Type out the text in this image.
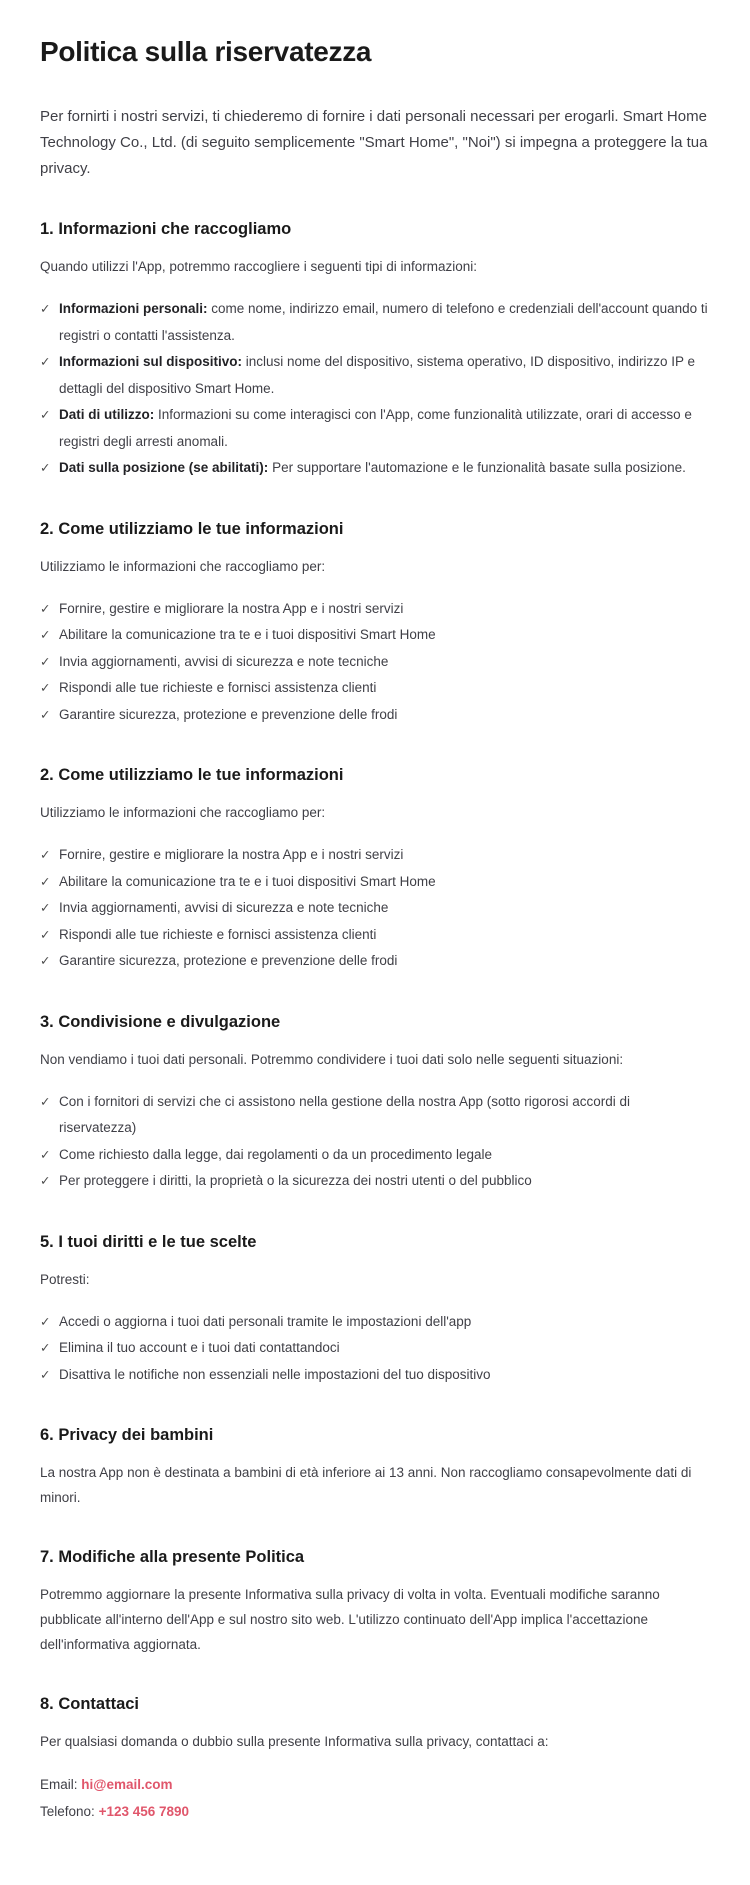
Politica sulla riservatezza

Per fornirti i nostri servizi, ti chiederemo di fornire i dati personali necessari per erogarli. Smart Home Technology Co., Ltd. (di seguito semplicemente "Smart Home", "Noi") si impegna a proteggere la tua privacy.

1. Informazioni che raccogliamo

Quando utilizzi l'App, potremmo raccogliere i seguenti tipi di informazioni:

✓ Informazioni personali: come nome, indirizzo email, numero di telefono e credenziali dell'account quando ti registri o contatti l'assistenza.
✓ Informazioni sul dispositivo: inclusi nome del dispositivo, sistema operativo, ID dispositivo, indirizzo IP e dettagli del dispositivo Smart Home.
✓ Dati di utilizzo: Informazioni su come interagisci con l'App, come funzionalità utilizzate, orari di accesso e registri degli arresti anomali.
✓ Dati sulla posizione (se abilitati): Per supportare l'automazione e le funzionalità basate sulla posizione.
2. Come utilizziamo le tue informazioni

Utilizziamo le informazioni che raccogliamo per:

✓ Fornire, gestire e migliorare la nostra App e i nostri servizi
✓ Abilitare la comunicazione tra te e i tuoi dispositivi Smart Home
✓ Invia aggiornamenti, avvisi di sicurezza e note tecniche
✓ Rispondi alle tue richieste e fornisci assistenza clienti
✓ Garantire sicurezza, protezione e prevenzione delle frodi
2. Come utilizziamo le tue informazioni

Utilizziamo le informazioni che raccogliamo per:

✓ Fornire, gestire e migliorare la nostra App e i nostri servizi
✓ Abilitare la comunicazione tra te e i tuoi dispositivi Smart Home
✓ Invia aggiornamenti, avvisi di sicurezza e note tecniche
✓ Rispondi alle tue richieste e fornisci assistenza clienti
✓ Garantire sicurezza, protezione e prevenzione delle frodi
3. Condivisione e divulgazione

Non vendiamo i tuoi dati personali. Potremmo condividere i tuoi dati solo nelle seguenti situazioni:

✓ Con i fornitori di servizi che ci assistono nella gestione della nostra App (sotto rigorosi accordi di riservatezza)
✓ Come richiesto dalla legge, dai regolamenti o da un procedimento legale
✓ Per proteggere i diritti, la proprietà o la sicurezza dei nostri utenti o del pubblico
5. I tuoi diritti e le tue scelte

Potresti:

✓ Accedi o aggiorna i tuoi dati personali tramite le impostazioni dell'app
✓ Elimina il tuo account e i tuoi dati contattandoci
✓ Disattiva le notifiche non essenziali nelle impostazioni del tuo dispositivo
6. Privacy dei bambini

La nostra App non è destinata a bambini di età inferiore ai 13 anni. Non raccogliamo consapevolmente dati di minori.

7. Modifiche alla presente Politica

Potremmo aggiornare la presente Informativa sulla privacy di volta in volta. Eventuali modifiche saranno pubblicate all'interno dell'App e sul nostro sito web. L'utilizzo continuato dell'App implica l'accettazione dell'informativa aggiornata.

8. Contattaci

Per qualsiasi domanda o dubbio sulla presente Informativa sulla privacy, contattaci a:

Email: hi@email.com

Telefono: +123 456 7890
